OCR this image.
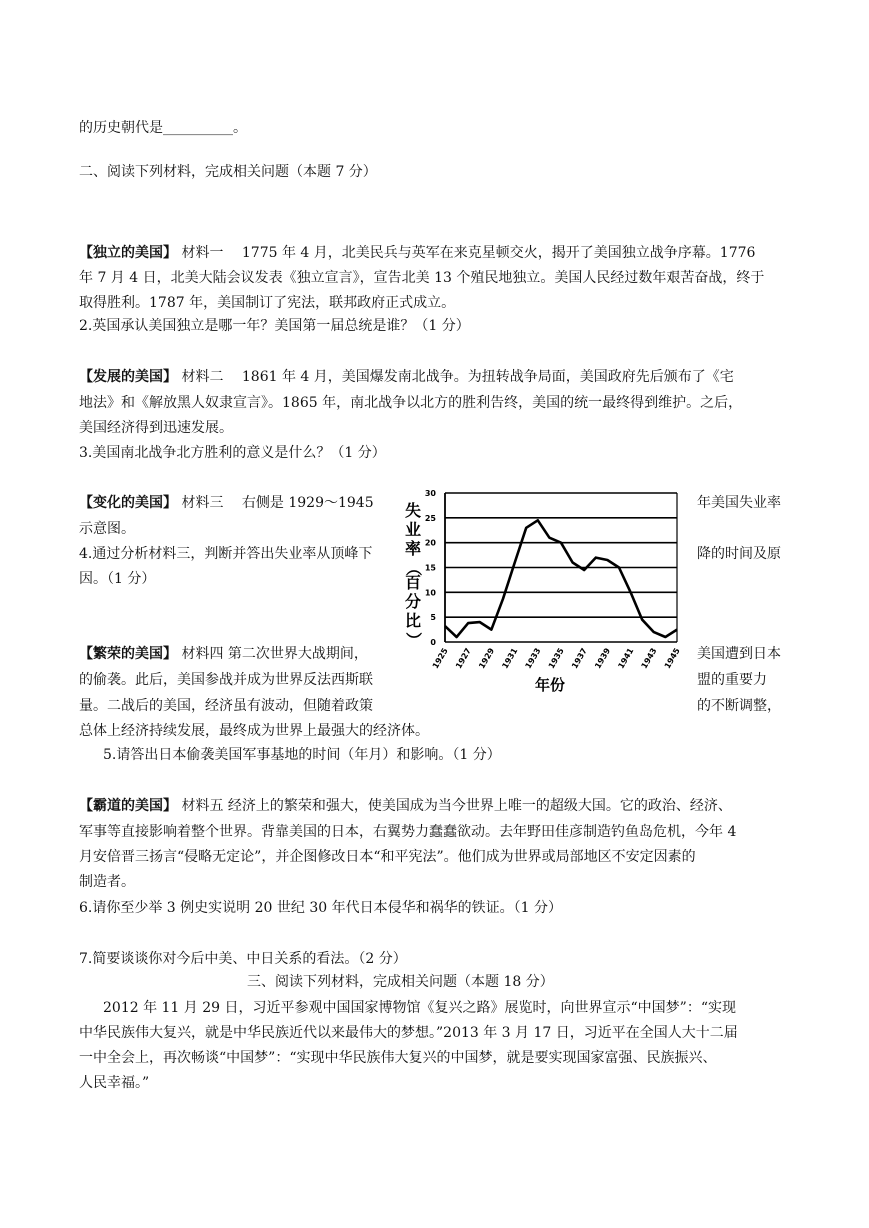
的历史朝代是__________。
二、阅读下列材料，完成相关问题（本题 7 分）
【独立的美国】 材料一　 1775 年 4 月，北美民兵与英军在来克星顿交火，揭开了美国独立战争序幕。1776
年 7 月 4 日，北美大陆会议发表《独立宣言》，宣告北美 13 个殖民地独立。美国人民经过数年艰苦奋战，终于
取得胜利。1787 年，美国制订了宪法，联邦政府正式成立。
2.英国承认美国独立是哪一年？美国第一届总统是谁？（1 分）
【发展的美国】 材料二　 1861 年 4 月，美国爆发南北战争。为扭转战争局面，美国政府先后颁布了《宅
地法》和《解放黑人奴隶宣言》。1865 年，南北战争以北方的胜利告终，美国的统一最终得到维护。之后，
美国经济得到迅速发展。
3.美国南北战争北方胜利的意义是什么？（1 分）
【变化的美国】 材料三　 右侧是 1929～1945	年美国失业率
示意图。
4.通过分析材料三，判断并答出失业率从顶峰下	降的时间及原
因。（1 分）
【繁荣的美国】 材料四 第二次世界大战期间，	美国遭到日本
的偷袭。此后，美国参战并成为世界反法西斯联	盟的重要力
量。二战后的美国，经济虽有波动，但随着政策	的不断调整，
总体上经济持续发展，最终成为世界上最强大的经济体。
5.请答出日本偷袭美国军事基地的时间（年月）和影响。（1 分）
【霸道的美国】 材料五 经济上的繁荣和强大，使美国成为当今世界上唯一的超级大国。它的政治、经济、
军事等直接影响着整个世界。背靠美国的日本，右翼势力蠢蠢欲动。去年野田佳彦制造钓鱼岛危机，今年 4
月安倍晋三扬言“侵略无定论”，并企图修改日本“和平宪法”。他们成为世界或局部地区不安定因素的
制造者。
6.请你至少举 3 例史实说明 20 世纪 30 年代日本侵华和祸华的铁证。（1 分）
7.简要谈谈你对今后中美、中日关系的看法。（2 分）
三、阅读下列材料，完成相关问题（本题 18 分）
2012 年 11 月 29 日，习近平参观中国国家博物馆《复兴之路》展览时，向世界宣示“中国梦”：“实现
中华民族伟大复兴，就是中华民族近代以来最伟大的梦想。”2013 年 3 月 17 日，习近平在全国人大十二届
一中全会上，再次畅谈“中国梦”：“实现中华民族伟大复兴的中国梦，就是要实现国家富强、民族振兴、
人民幸福。”
失
业
率
（
百
分
比
） 0
5
10
15
20
25
30
1925 1927 1929 1931 1933 1935 1937 1939 1941 1943 1945
年份
